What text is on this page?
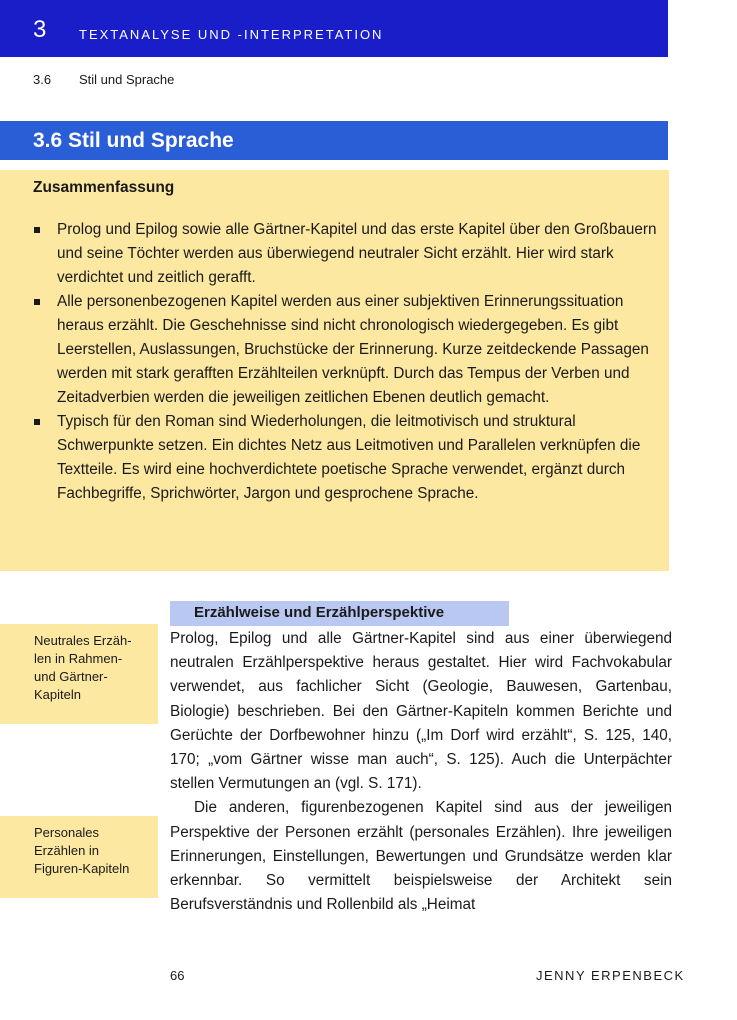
3	TEXTANALYSE UND -INTERPRETATION
3.6 Stil und Sprache
3.6 Stil und Sprache
Zusammenfassung
Prolog und Epilog sowie alle Gärtner-Kapitel und das erste Kapitel über den Großbauern und seine Töchter werden aus überwiegend neutraler Sicht erzählt. Hier wird stark verdichtet und zeitlich gerafft.
Alle personenbezogenen Kapitel werden aus einer subjektiven Erinnerungssituation heraus erzählt. Die Geschehnisse sind nicht chronologisch wiedergegeben. Es gibt Leerstellen, Auslassungen, Bruchstücke der Erinnerung. Kurze zeitdeckende Passagen werden mit stark gerafften Erzählteilen verknüpft. Durch das Tempus der Verben und Zeitadverbien werden die jeweiligen zeitlichen Ebenen deutlich gemacht.
Typisch für den Roman sind Wiederholungen, die leitmotivisch und struktural Schwerpunkte setzen. Ein dichtes Netz aus Leitmotiven und Parallelen verknüpfen die Textteile. Es wird eine hochverdichtete poetische Sprache verwendet, ergänzt durch Fachbegriffe, Sprichwörter, Jargon und gesprochene Sprache.
Neutrales Erzäh-
len in Rahmen-
und Gärtner-
Kapiteln
Personales
Erzählen in
Figuren-Kapiteln
Erzählweise und Erzählperspektive

Prolog, Epilog und alle Gärtner-Kapitel sind aus einer überwiegend neutralen Erzählperspektive heraus gestaltet. Hier wird Fachvokabular verwendet, aus fachlicher Sicht (Geologie, Bauwesen, Gartenbau, Biologie) beschrieben. Bei den Gärtner-Kapiteln kommen Berichte und Gerüchte der Dorfbewohner hinzu („Im Dorf wird erzählt“, S. 125, 140, 170; „vom Gärtner wisse man auch“, S. 125). Auch die Unterpächter stellen Vermutungen an (vgl. S. 171).

Die anderen, figurenbezogenen Kapitel sind aus der jeweiligen Perspektive der Personen erzählt (personales Erzählen). Ihre jeweiligen Erinnerungen, Einstellungen, Bewertungen und Grundsätze werden klar erkennbar. So vermittelt beispielsweise der Architekt sein Berufsverständnis und Rollenbild als „Heimat

66	JENNY ERPENBECK
